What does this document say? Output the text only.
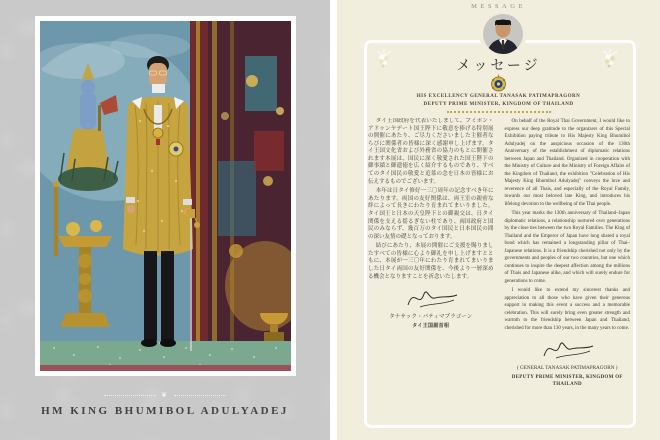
❦
HM KING BHUMIBOL ADULYADEJ
MESSAGE
メッセージ
HIS EXCELLENCY GENERAL TANASAK PATIMAPRAGORN
DEPUTY PRIME MINISTER, KINGDOM OF THAILAND

タイ王国政府を代表いたしまして、プミポン・アドゥンヤデート国王陛下に敬意を捧げる特別展の開催にあたり、ご尽力くださいました主催者ならびに関係者の皆様に深く感謝申し上げます。タイ王国文化省および外務省の協力のもとに開催されます本展は、国民に深く敬愛された国王陛下の御事績と御遺徳を広く紹介するものであり、すべてのタイ国民の敬愛と追慕の念を日本の皆様にお伝えするものでございます。

本年は日タイ修好一三〇周年の記念すべき年にあたります。両国の友好関係は、両王室の親密な絆によって長きにわたり育まれてまいりました。タイ国王と日本の天皇陛下との御親交は、日タイ関係を支える揺るぎない柱であり、両国政府と国民のみならず、幾百万のタイ国民と日本国民の間の深い友情の礎となっております。

結びにあたり、本展の開催にご支援を賜りましたすべての皆様に心より御礼を申し上げますとともに、本展が一三〇年にわたり育まれてまいりました日タイ両国の友好関係を、今後より一層深める機会となりますことを祈念いたします。

タナサック・パティマプラゴーン
タイ王国副首相

On behalf of the Royal Thai Government, I would like to express our deep gratitude to the organizers of this Special Exhibition paying tribute to His Majesty King Bhumibol Adulyadej on the auspicious occasion of the 130th Anniversary of the establishment of diplomatic relations between Japan and Thailand. Organized in cooperation with the Ministry of Culture and the Ministry of Foreign Affairs of the Kingdom of Thailand, the exhibition "Celebration of His Majesty King Bhumibol Adulyadej" conveys the love and reverence of all Thais, and especially of the Royal Family, towards our most beloved late King, and introduces his lifelong devotion to the wellbeing of the Thai people.

This year marks the 130th anniversary of Thailand–Japan diplomatic relations, a relationship nurtured over generations by the close ties between the two Royal Families. The King of Thailand and the Emperor of Japan have long shared a royal bond which has remained a longstanding pillar of Thai–Japanese relations. It is a friendship cherished not only by the governments and peoples of our two countries, but one which continues to inspire the deepest affection among the millions of Thais and Japanese alike, and which will surely endure for generations to come.

I would like to extend my sincerest thanks and appreciation to all those who have given their generous support in making this event a success and a memorable celebration. This will surely bring even greater strength and warmth to the friendship between Japan and Thailand, cherished for more than 130 years, in the many years to come.

( GENERAL TANASAK PATIMAPRAGORN )
DEPUTY PRIME MINISTER, KINGDOM OF THAILAND
